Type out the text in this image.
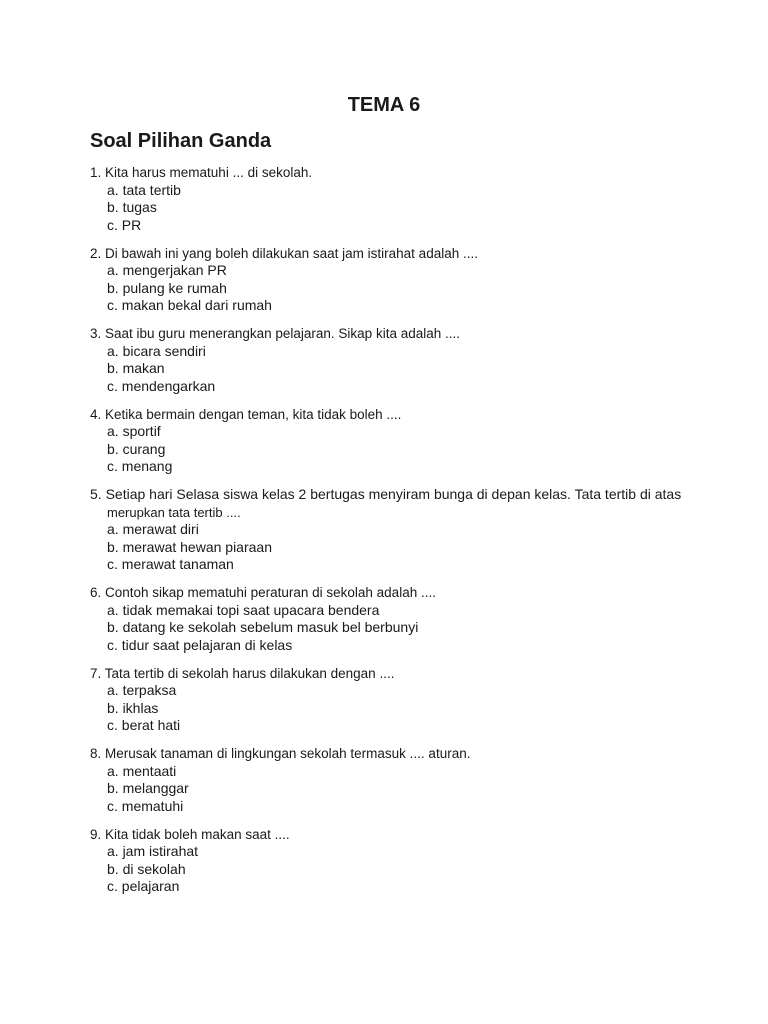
TEMA 6
Soal Pilihan Ganda
1. Kita harus mematuhi ... di sekolah.
a. tata tertib
b. tugas
c. PR
2. Di bawah ini yang boleh dilakukan saat jam istirahat adalah ....
a. mengerjakan PR
b. pulang ke rumah
c. makan bekal dari rumah
3. Saat ibu guru menerangkan pelajaran. Sikap kita adalah ....
a. bicara sendiri
b. makan
c. mendengarkan
4. Ketika bermain dengan teman, kita tidak boleh ....
a. sportif
b. curang
c. menang
5. Setiap hari Selasa siswa kelas 2 bertugas menyiram bunga di depan kelas. Tata tertib di atas
merupkan tata tertib ....
a. merawat diri
b. merawat hewan piaraan
c. merawat tanaman
6. Contoh sikap mematuhi peraturan di sekolah adalah ....
a. tidak memakai topi saat upacara bendera
b. datang ke sekolah sebelum masuk bel berbunyi
c. tidur saat pelajaran di kelas
7. Tata tertib di sekolah harus dilakukan dengan ....
a. terpaksa
b. ikhlas
c. berat hati
8. Merusak tanaman di lingkungan sekolah termasuk .... aturan.
a. mentaati
b. melanggar
c. mematuhi
9. Kita tidak boleh makan saat ....
a. jam istirahat
b. di sekolah
c. pelajaran
